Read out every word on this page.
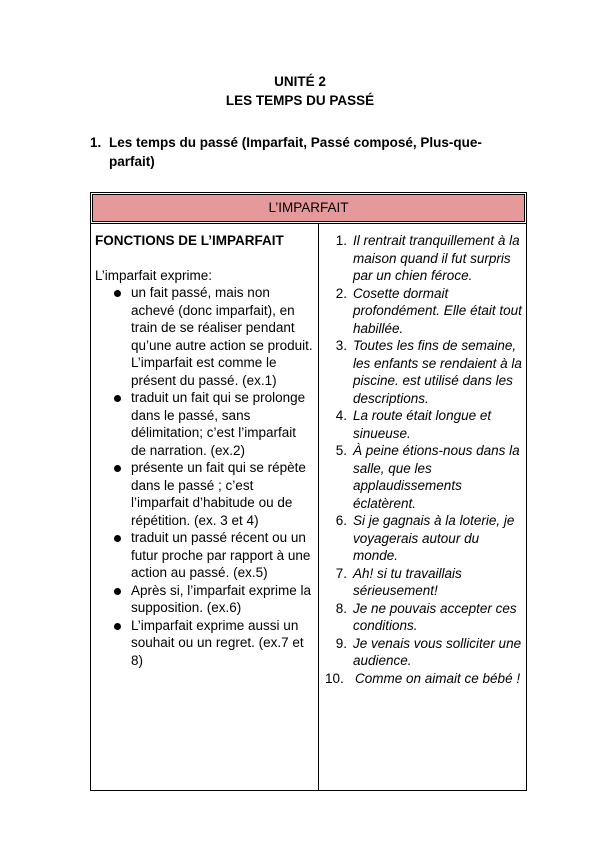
UNITÉ 2
LES TEMPS DU PASSÉ
1. Les temps du passé (Imparfait, Passé composé, Plus-que-parfait)
L’IMPARFAIT

FONCTIONS DE L’IMPARFAIT

L’imparfait exprime:

un fait passé, mais non achevé (donc imparfait), en train de se réaliser pendant qu’une autre action se produit. L’imparfait est comme le présent du passé. (ex.1)
traduit un fait qui se prolonge dans le passé, sans délimitation; c’est l’imparfait de narration. (ex.2)
présente un fait qui se répète dans le passé ; c’est l’imparfait d’habitude ou de répétition. (ex. 3 et 4)
traduit un passé récent ou un futur proche par rapport à une action au passé. (ex.5)
Après si, l’imparfait exprime la supposition. (ex.6)
L’imparfait exprime aussi un souhait ou un regret. (ex.7 et 8)
1. Il rentrait tranquillement à la maison quand il fut surpris par un chien féroce.
2. Cosette dormait profondément. Elle était tout habillée.
3. Toutes les fins de semaine, les enfants se rendaient à la piscine. est utilisé dans les descriptions.
4. La route était longue et sinueuse.
5. À peine étions-nous dans la salle, que les applaudissements éclatèrent.
6. Si je gagnais à la loterie, je voyagerais autour du monde.
7. Ah! si tu travaillais sérieusement!
8. Je ne pouvais accepter ces conditions.
9. Je venais vous solliciter une audience.
10. Comme on aimait ce bébé !
